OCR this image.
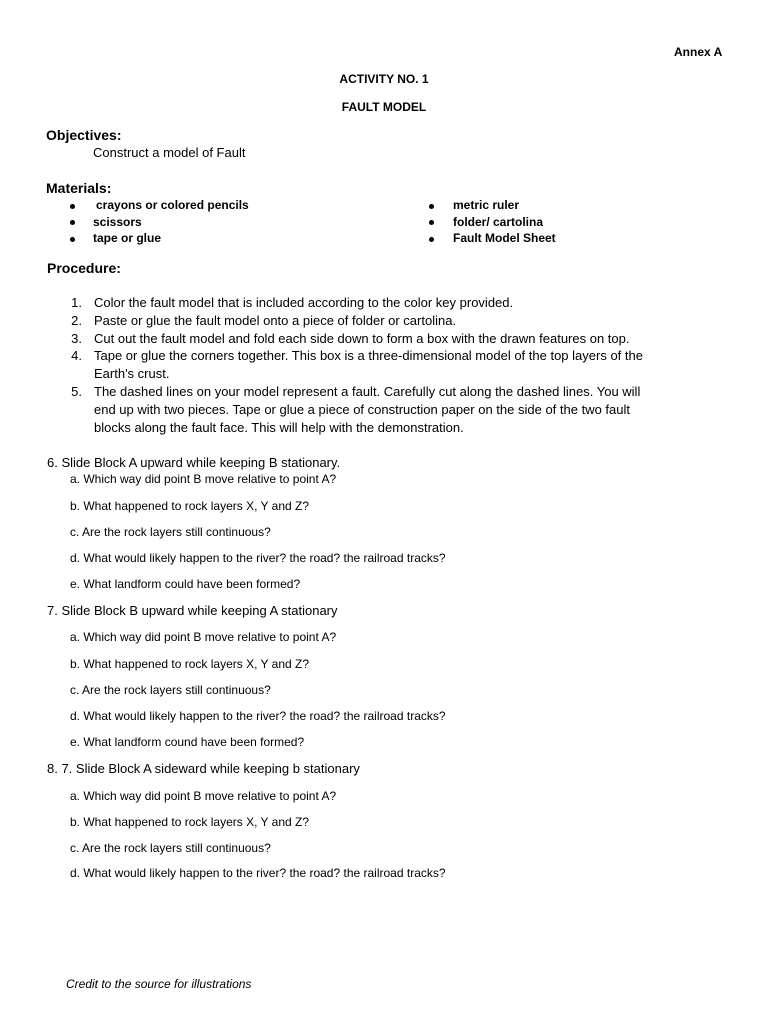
Annex A
ACTIVITY NO. 1
FAULT MODEL
Objectives:
Construct a model of Fault
Materials:
crayons or colored pencils
scissors
tape or glue
metric ruler
folder/ cartolina
Fault Model Sheet
Procedure:
1. Color the fault model that is included according to the color key provided.
2. Paste or glue the fault model onto a piece of folder or cartolina.
3. Cut out the fault model and fold each side down to form a box with the drawn features on top.
4. Tape or glue the corners together. This box is a three-dimensional model of the top layers of the
Earth's crust.
5. The dashed lines on your model represent a fault. Carefully cut along the dashed lines. You will
end up with two pieces. Tape or glue a piece of construction paper on the side of the two fault
blocks along the fault face. This will help with the demonstration.
6. Slide Block A upward while keeping B stationary.
a. Which way did point B move relative to point A?
b. What happened to rock layers X, Y and Z?
c. Are the rock layers still continuous?
d. What would likely happen to the river? the road? the railroad tracks?
e. What landform could have been formed?
7. Slide Block B upward while keeping A stationary
a. Which way did point B move relative to point A?
b. What happened to rock layers X, Y and Z?
c. Are the rock layers still continuous?
d. What would likely happen to the river? the road? the railroad tracks?
e. What landform cound have been formed?
8. 7. Slide Block A sideward while keeping b stationary
a. Which way did point B move relative to point A?
b. What happened to rock layers X, Y and Z?
c. Are the rock layers still continuous?
d. What would likely happen to the river? the road? the railroad tracks?
Credit to the source for illustrations
